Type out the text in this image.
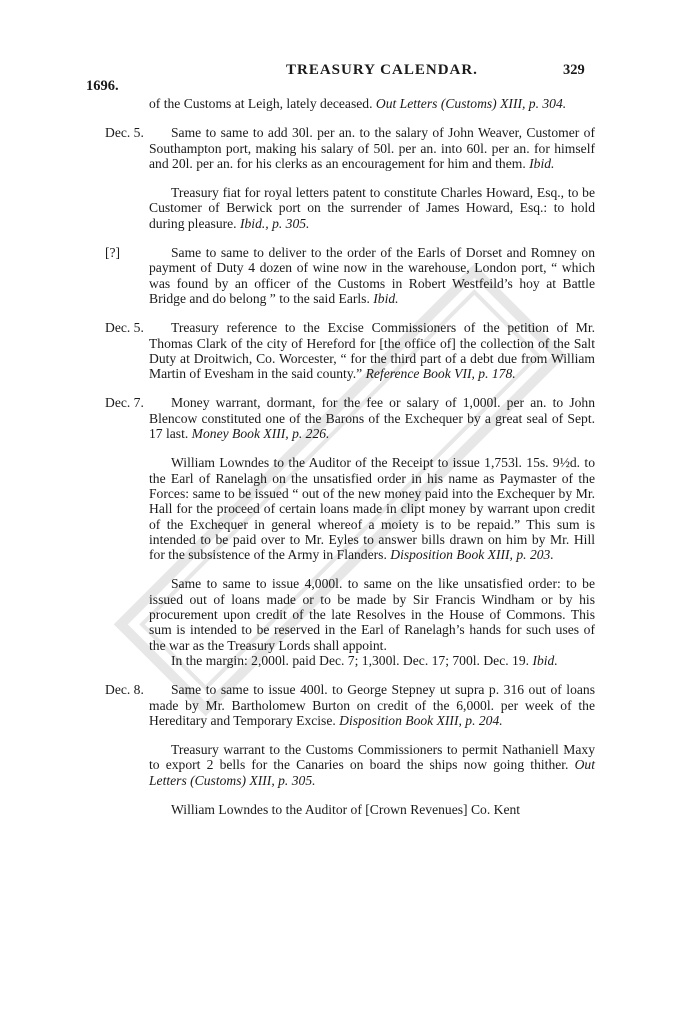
1696.
TREASURY CALENDAR.	329

of the Customs at Leigh, lately deceased. Out Letters (Customs) XIII, p. 304.

Dec. 5. Same to same to add 30l. per an. to the salary of John Weaver, Customer of Southampton port, making his salary of 50l. per an. into 60l. per an. for himself and 20l. per an. for his clerks as an encouragement for him and them. Ibid.

Treasury fiat for royal letters patent to constitute Charles Howard, Esq., to be Customer of Berwick port on the surrender of James Howard, Esq.: to hold during pleasure. Ibid., p. 305.

[?]	Same to same to deliver to the order of the Earls of Dorset and Romney on payment of Duty 4 dozen of wine now in the warehouse, London port, “ which was found by an officer of the Customs in Robert Westfeild’s hoy at Battle Bridge and do belong ” to the said Earls. Ibid.

Dec. 5. Treasury reference to the Excise Commissioners of the petition of Mr. Thomas Clark of the city of Hereford for [the office of] the collection of the Salt Duty at Droitwich, Co. Worcester, “ for the third part of a debt due from William Martin of Evesham in the said county.” Reference Book VII, p. 178.

Dec. 7. Money warrant, dormant, for the fee or salary of 1,000l. per an. to John Blencow constituted one of the Barons of the Exchequer by a great seal of Sept. 17 last. Money Book XIII, p. 226.

William Lowndes to the Auditor of the Receipt to issue 1,753l. 15s. 9½d. to the Earl of Ranelagh on the unsatisfied order in his name as Paymaster of the Forces: same to be issued “ out of the new money paid into the Exchequer by Mr. Hall for the proceed of certain loans made in clipt money by warrant upon credit of the Exchequer in general whereof a moiety is to be repaid.” This sum is intended to be paid over to Mr. Eyles to answer bills drawn on him by Mr. Hill for the subsistence of the Army in Flanders. Disposition Book XIII, p. 203.

Same to same to issue 4,000l. to same on the like unsatisfied order: to be issued out of loans made or to be made by Sir Francis Windham or by his procurement upon credit of the late Resolves in the House of Commons. This sum is intended to be reserved in the Earl of Ranelagh’s hands for such uses of the war as the Treasury Lords shall appoint.

In the margin: 2,000l. paid Dec. 7; 1,300l. Dec. 17; 700l. Dec. 19. Ibid.

Dec. 8. Same to same to issue 400l. to George Stepney ut supra p. 316 out of loans made by Mr. Bartholomew Burton on credit of the 6,000l. per week of the Hereditary and Temporary Excise. Disposition Book XIII, p. 204.

Treasury warrant to the Customs Commissioners to permit Nathaniell Maxy to export 2 bells for the Canaries on board the ships now going thither. Out Letters (Customs) XIII, p. 305.

William Lowndes to the Auditor of [Crown Revenues] Co. Kent
